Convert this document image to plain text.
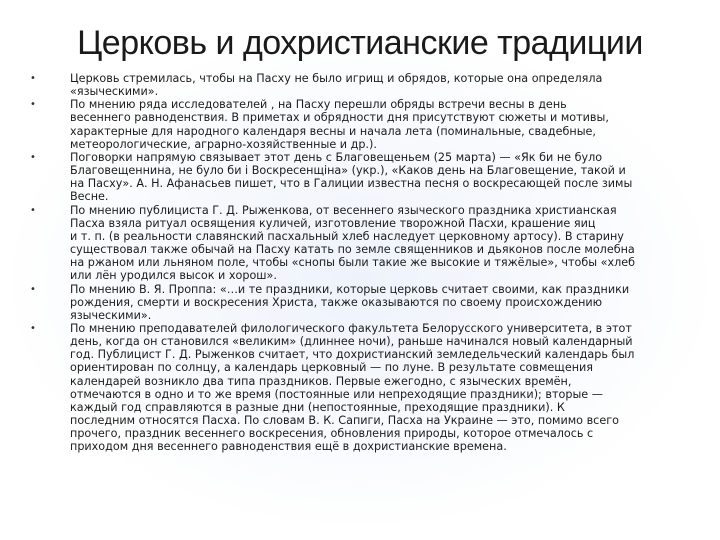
Церковь и дохристианские традиции
•	Церковь стремилась, чтобы на Пасху не было игрищ и обрядов, которые она определяла
«языческими».
•	По мнению ряда исследователей , на Пасху перешли обряды встречи весны в день
весеннего равноденствия. В приметах и обрядности дня присутствуют сюжеты и мотивы,
характерные для народного календаря весны и начала лета (поминальные, свадебные,
метеорологические, аграрно-хозяйственные и др.).
•	Поговорки напрямую связывает этот день с Благовещеньем (25 марта) — «Як би не було
Благовещеннина, не було би і Воскресенщіна» (укр.), «Каков день на Благовещение, такой и
на Пасху». А. Н. Афанасьев пишет, что в Галиции известна песня о воскресающей после зимы
Весне.
•	По мнению публициста Г. Д. Рыженкова, от весеннего языческого праздника христианская
Пасха взяла ритуал освящения куличей, изготовление творожной Пасхи, крашение яиц
и т. п. (в реальности славянский пасхальный хлеб наследует церковному артосу). В старину
существовал также обычай на Пасху катать по земле священников и дьяконов после молебна
на ржаном или льняном поле, чтобы «снопы были такие же высокие и тяжёлые», чтобы «хлеб
или лён уродился высок и хорош».
•	По мнению В. Я. Проппа: «…и те праздники, которые церковь считает своими, как праздники
рождения, смерти и воскресения Христа, также оказываются по своему происхождению
языческими».
•	По мнению преподавателей филологического факультета Белорусского университета, в этот
день, когда он становился «великим» (длиннее ночи), раньше начинался новый календарный
год. Публицист Г. Д. Рыженков считает, что дохристианский земледельческий календарь был
ориентирован по солнцу, а календарь церковный — по луне. В результате совмещения
календарей возникло два типа праздников. Первые ежегодно, с языческих времён,
отмечаются в одно и то же время (постоянные или непреходящие праздники); вторые —
каждый год справляются в разные дни (непостоянные, преходящие праздники). К
последним относятся Пасха. По словам В. К. Сапиги, Пасха на Украине — это, помимо всего
прочего, праздник весеннего воскресения, обновления природы, которое отмечалось с
приходом дня весеннего равноденствия ещё в дохристианские времена.
